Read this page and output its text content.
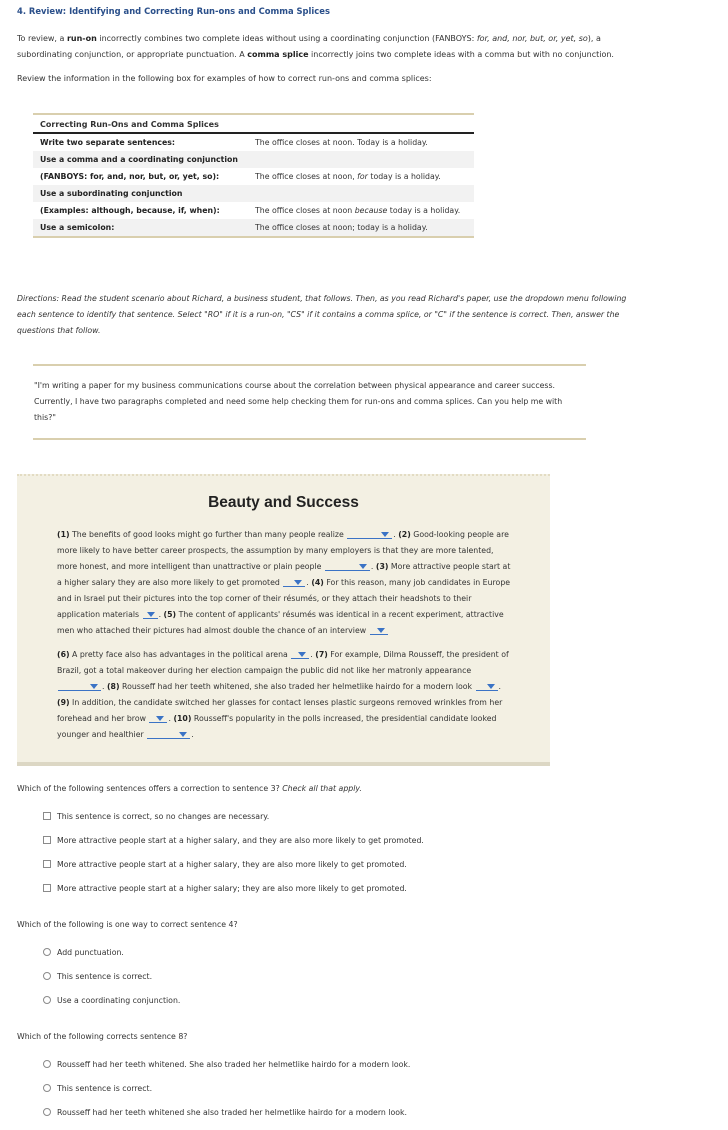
4. Review: Identifying and Correcting Run-ons and Comma Splices
To review, a run-on incorrectly combines two complete ideas without using a coordinating conjunction (FANBOYS: for, and, nor, but, or, yet, so), a subordinating conjunction, or appropriate punctuation. A comma splice incorrectly joins two complete ideas with a comma but with no conjunction.
Review the information in the following box for examples of how to correct run-ons and comma splices:
Correcting Run-Ons and Comma Splices
Write two separate sentences:	The office closes at noon. Today is a holiday.
Use a comma and a coordinating conjunction
(FANBOYS: for, and, nor, but, or, yet, so):	The office closes at noon, for today is a holiday.
Use a subordinating conjunction
(Examples: although, because, if, when):	The office closes at noon because today is a holiday.
Use a semicolon:	The office closes at noon; today is a holiday.
Directions: Read the student scenario about Richard, a business student, that follows. Then, as you read Richard's paper, use the dropdown menu following each sentence to identify that sentence. Select "RO" if it is a run-on, "CS" if it contains a comma splice, or "C" if the sentence is correct. Then, answer the questions that follow.

"I'm writing a paper for my business communications course about the correlation between physical appearance and career success. Currently, I have two paragraphs completed and need some help checking them for run-ons and comma splices. Can you help me with this?"

Beauty and Success
(1) The benefits of good looks might go further than many people realize	. (2) Good-looking people are more likely to have better career prospects, the assumption by many employers is that they are more talented, more honest, and more intelligent than unattractive or plain people	. (3) More attractive people start at a higher salary they are also more likely to get promoted	. (4) For this reason, many job candidates in Europe and in Israel put their pictures into the top corner of their résumés, or they attach their headshots to their application materials . (5) The content of applicants' résumés was identical in a recent experiment, attractive men who attached their pictures had almost double the chance of an interview
(6) A pretty face also has advantages in the political arena	. (7) For example, Dilma Rousseff, the president of Brazil, got a total makeover during her election campaign the public did not like her matronly appearance . (8) Rousseff had her teeth whitened, she also traded her helmetlike hairdo for a modern look	. (9) In addition, the candidate switched her glasses for contact lenses plastic surgeons removed wrinkles from her forehead and her brow	. (10) Rousseff's popularity in the polls increased, the presidential candidate looked younger and healthier	.
Which of the following sentences offers a correction to sentence 3? Check all that apply.
This sentence is correct, so no changes are necessary.
More attractive people start at a higher salary, and they are also more likely to get promoted.
More attractive people start at a higher salary, they are also more likely to get promoted.
More attractive people start at a higher salary; they are also more likely to get promoted.
Which of the following is one way to correct sentence 4?
Add punctuation.
This sentence is correct.
Use a coordinating conjunction.
Which of the following corrects sentence 8?
Rousseff had her teeth whitened. She also traded her helmetlike hairdo for a modern look.
This sentence is correct.
Rousseff had her teeth whitened she also traded her helmetlike hairdo for a modern look.
